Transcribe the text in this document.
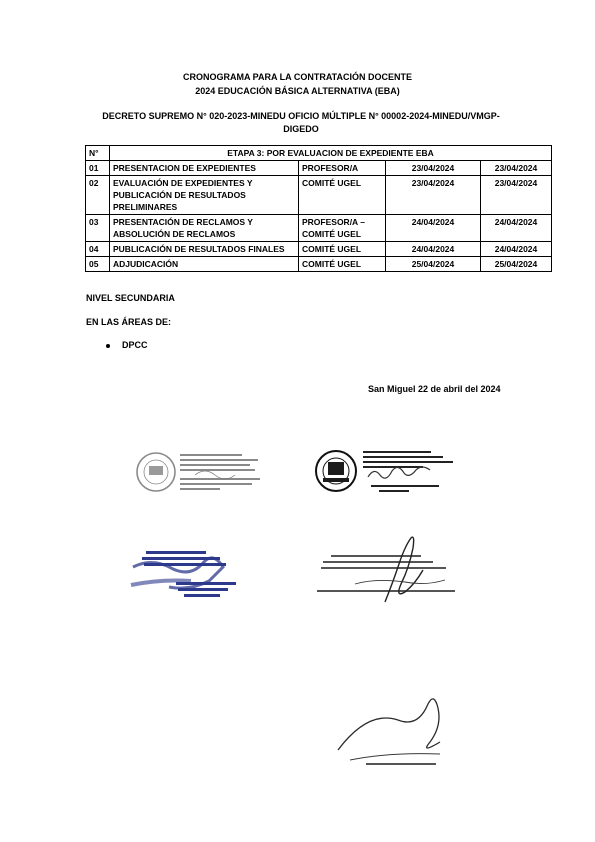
CRONOGRAMA PARA LA CONTRATACIÓN DOCENTE
2024 EDUCACIÓN BÁSICA ALTERNATIVA (EBA)
DECRETO SUPREMO N° 020-2023-MINEDU OFICIO MÚLTIPLE N° 00002-2024-MINEDU/VMGP-
DIGEDO
N°	ETAPA 3: POR EVALUACION DE EXPEDIENTE EBA			
01	PRESENTACION DE EXPEDIENTES	PROFESOR/A	23/04/2024	23/04/2024
02	EVALUACIÓN DE EXPEDIENTES Y PUBLICACIÓN DE RESULTADOS PRELIMINARES	COMITÉ UGEL	23/04/2024	23/04/2024
03	PRESENTACIÓN DE RECLAMOS Y ABSOLUCIÓN DE RECLAMOS	PROFESOR/A – COMITÉ UGEL	24/04/2024	24/04/2024
04	PUBLICACIÓN DE RESULTADOS FINALES	COMITÉ UGEL	24/04/2024	24/04/2024
05	ADJUDICACIÓN	COMITÉ UGEL	25/04/2024	25/04/2024
NIVEL SECUNDARIA
EN LAS ÁREAS DE:
DPCC
San Miguel 22 de abril del 2024
